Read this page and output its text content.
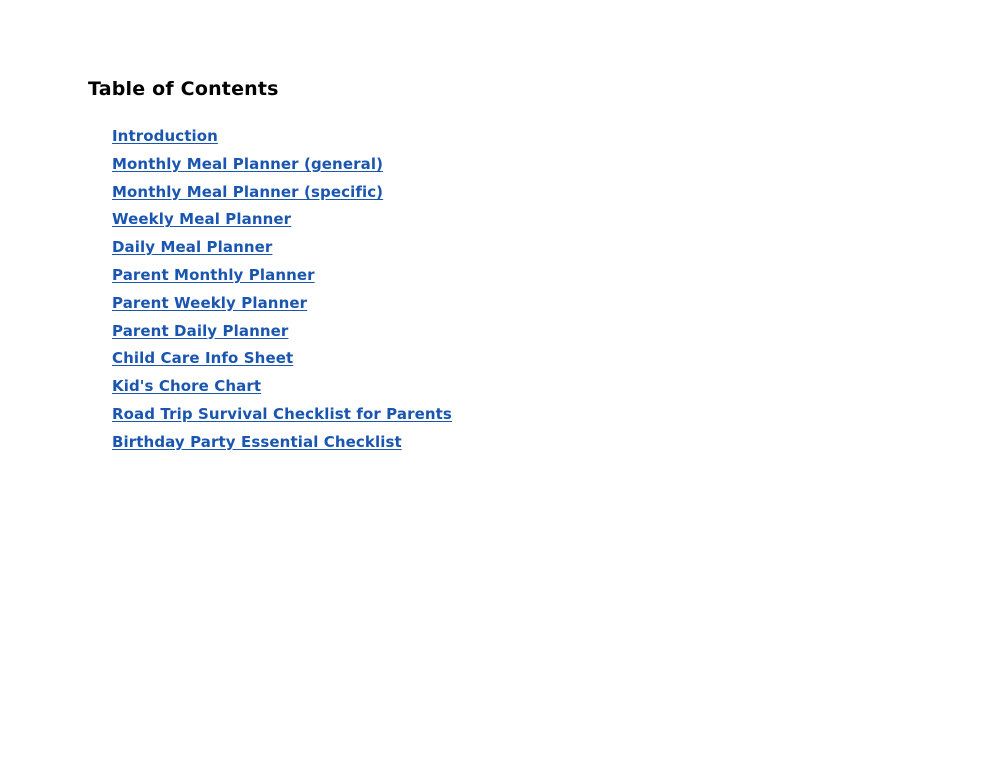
Table of Contents
Introduction
Monthly Meal Planner (general)
Monthly Meal Planner (specific)
Weekly Meal Planner
Daily Meal Planner
Parent Monthly Planner
Parent Weekly Planner
Parent Daily Planner
Child Care Info Sheet
Kid's Chore Chart
Road Trip Survival Checklist for Parents
Birthday Party Essential Checklist
